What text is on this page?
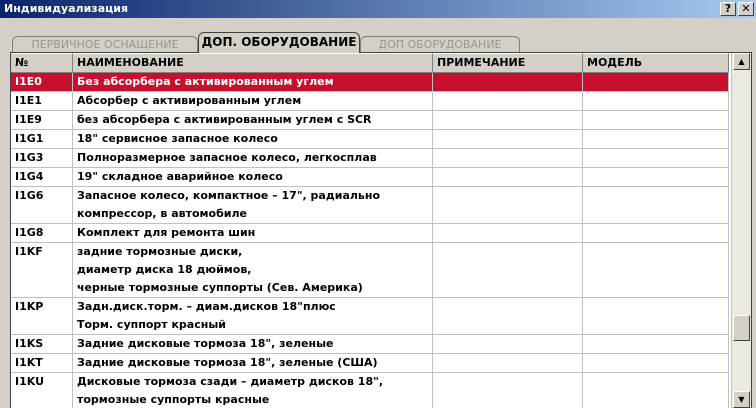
Индивидуализация	? ✕
ПЕРВИЧНОЕ ОСНАЩЕНИЕ	ДОП. ОБОРУДОВАНИЕ	ДОП ОБОРУДОВАНИЕ
№	НАИМЕНОВАНИЕ	ПРИМЕЧАНИЕ	МОДЕЛЬ
I1E0	Без абсорбера с активированным углем
I1E1	Абсорбер с активированным углем
I1E9	без абсорбера с активированным углем с SCR
I1G1	18" сервисное запасное колесо
I1G3	Полноразмерное запасное колесо, легкосплав
I1G4	19" складное аварийное колесо
I1G6	Запасное колесо, компактное – 17", радиально
компрессор, в автомобиле
I1G8	Комплект для ремонта шин
I1KF	задние тормозные диски,
диаметр диска 18 дюймов,
черные тормозные суппорты (Сев. Америка)
I1KP	Задн.диск.торм. – диам.дисков 18"плюс
Торм. суппорт красный
I1KS	Задние дисковые тормоза 18", зеленые
I1KT	Задние дисковые тормоза 18", зеленые (США)
I1KU	Дисковые тормоза сзади – диаметр дисков 18",
тормозные суппорты красные
▲
▼
